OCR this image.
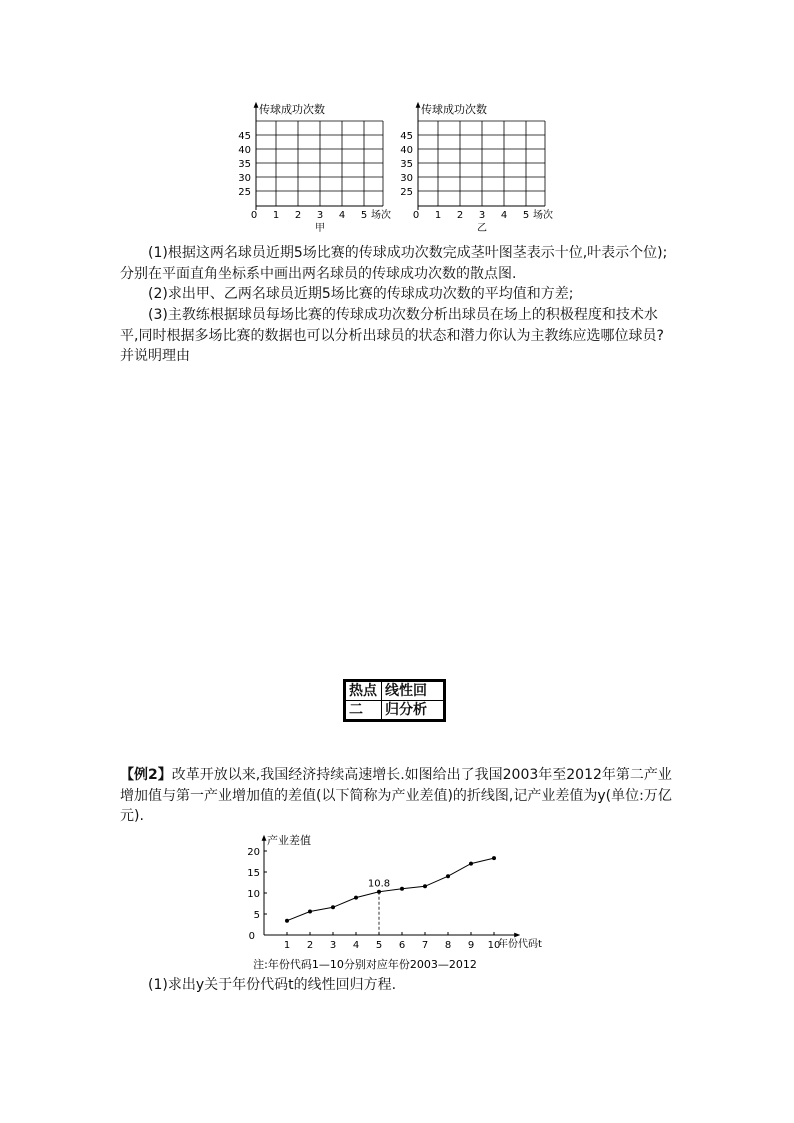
传球成功次数
45
40
35
30
25
0 1 2 3 4 5 场次
甲
传球成功次数
45
40
35
30
25
0 1 2 3 4 5 场次
乙
(1)根据这两名球员近期5场比赛的传球成功次数完成茎叶图茎表示十位,叶表示个位);分别在平面直角坐标系中画出两名球员的传球成功次数的散点图.
(2)求出甲、乙两名球员近期5场比赛的传球成功次数的平均值和方差;
(3)主教练根据球员每场比赛的传球成功次数分析出球员在场上的积极程度和技术水平,同时根据多场比赛的数据也可以分析出球员的状态和潜力你认为主教练应选哪位球员?并说明理由
热点 线性回
二	归分析
【例2】改革开放以来,我国经济持续高速增长.如图给出了我国2003年至2012年第二产业增加值与第一产业增加值的差值(以下简称为产业差值)的折线图,记产业差值为y(单位:万亿元).
产业差值
年份代码t
0
5
10
15
20
1 2 3 4 5 6 7 8 9 10
10.8
注:年份代码1—10分别对应年份2003—2012
(1)求出y关于年份代码t的线性回归方程.
